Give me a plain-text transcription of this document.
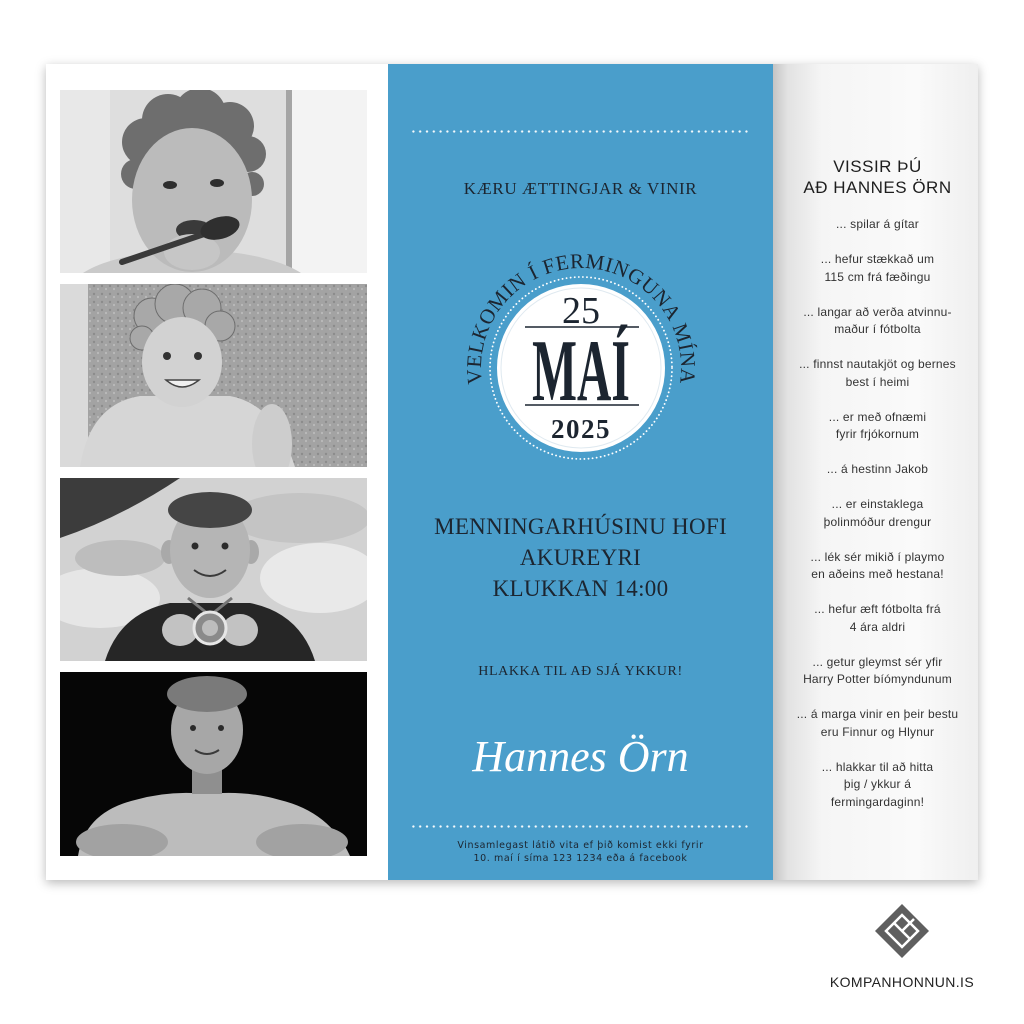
KÆRU ÆTTINGJAR & VINIR
VELKOMIN Í FERMINGUNA MÍNA
25
MAÍ
2025
MENNINGARHÚSINU HOFI
AKUREYRI
KLUKKAN 14:00
HLAKKA TIL AÐ SJÁ YKKUR!
Hannes Örn
Vinsamlegast látið vita ef þið komist ekki fyrir
10. maí í síma 123 1234 eða á facebook
VISSIR ÞÚ
AÐ HANNES ÖRN
... spilar á gítar
... hefur stækkað um
115 cm frá fæðingu
... langar að verða atvinnu-
maður í fótbolta
... finnst nautakjöt og bernes
best í heimi
... er með ofnæmi
fyrir frjókornum
... á hestinn Jakob
... er einstaklega
þolinmóður drengur
... lék sér mikið í playmo
en aðeins með hestana!
... hefur æft fótbolta frá
4 ára aldri
... getur gleymst sér yfir
Harry Potter bíómyndunum
... á marga vinir en þeir bestu
eru Finnur og Hlynur
... hlakkar til að hitta
þig / ykkur á
fermingardaginn!
KOMPANHONNUN.IS
